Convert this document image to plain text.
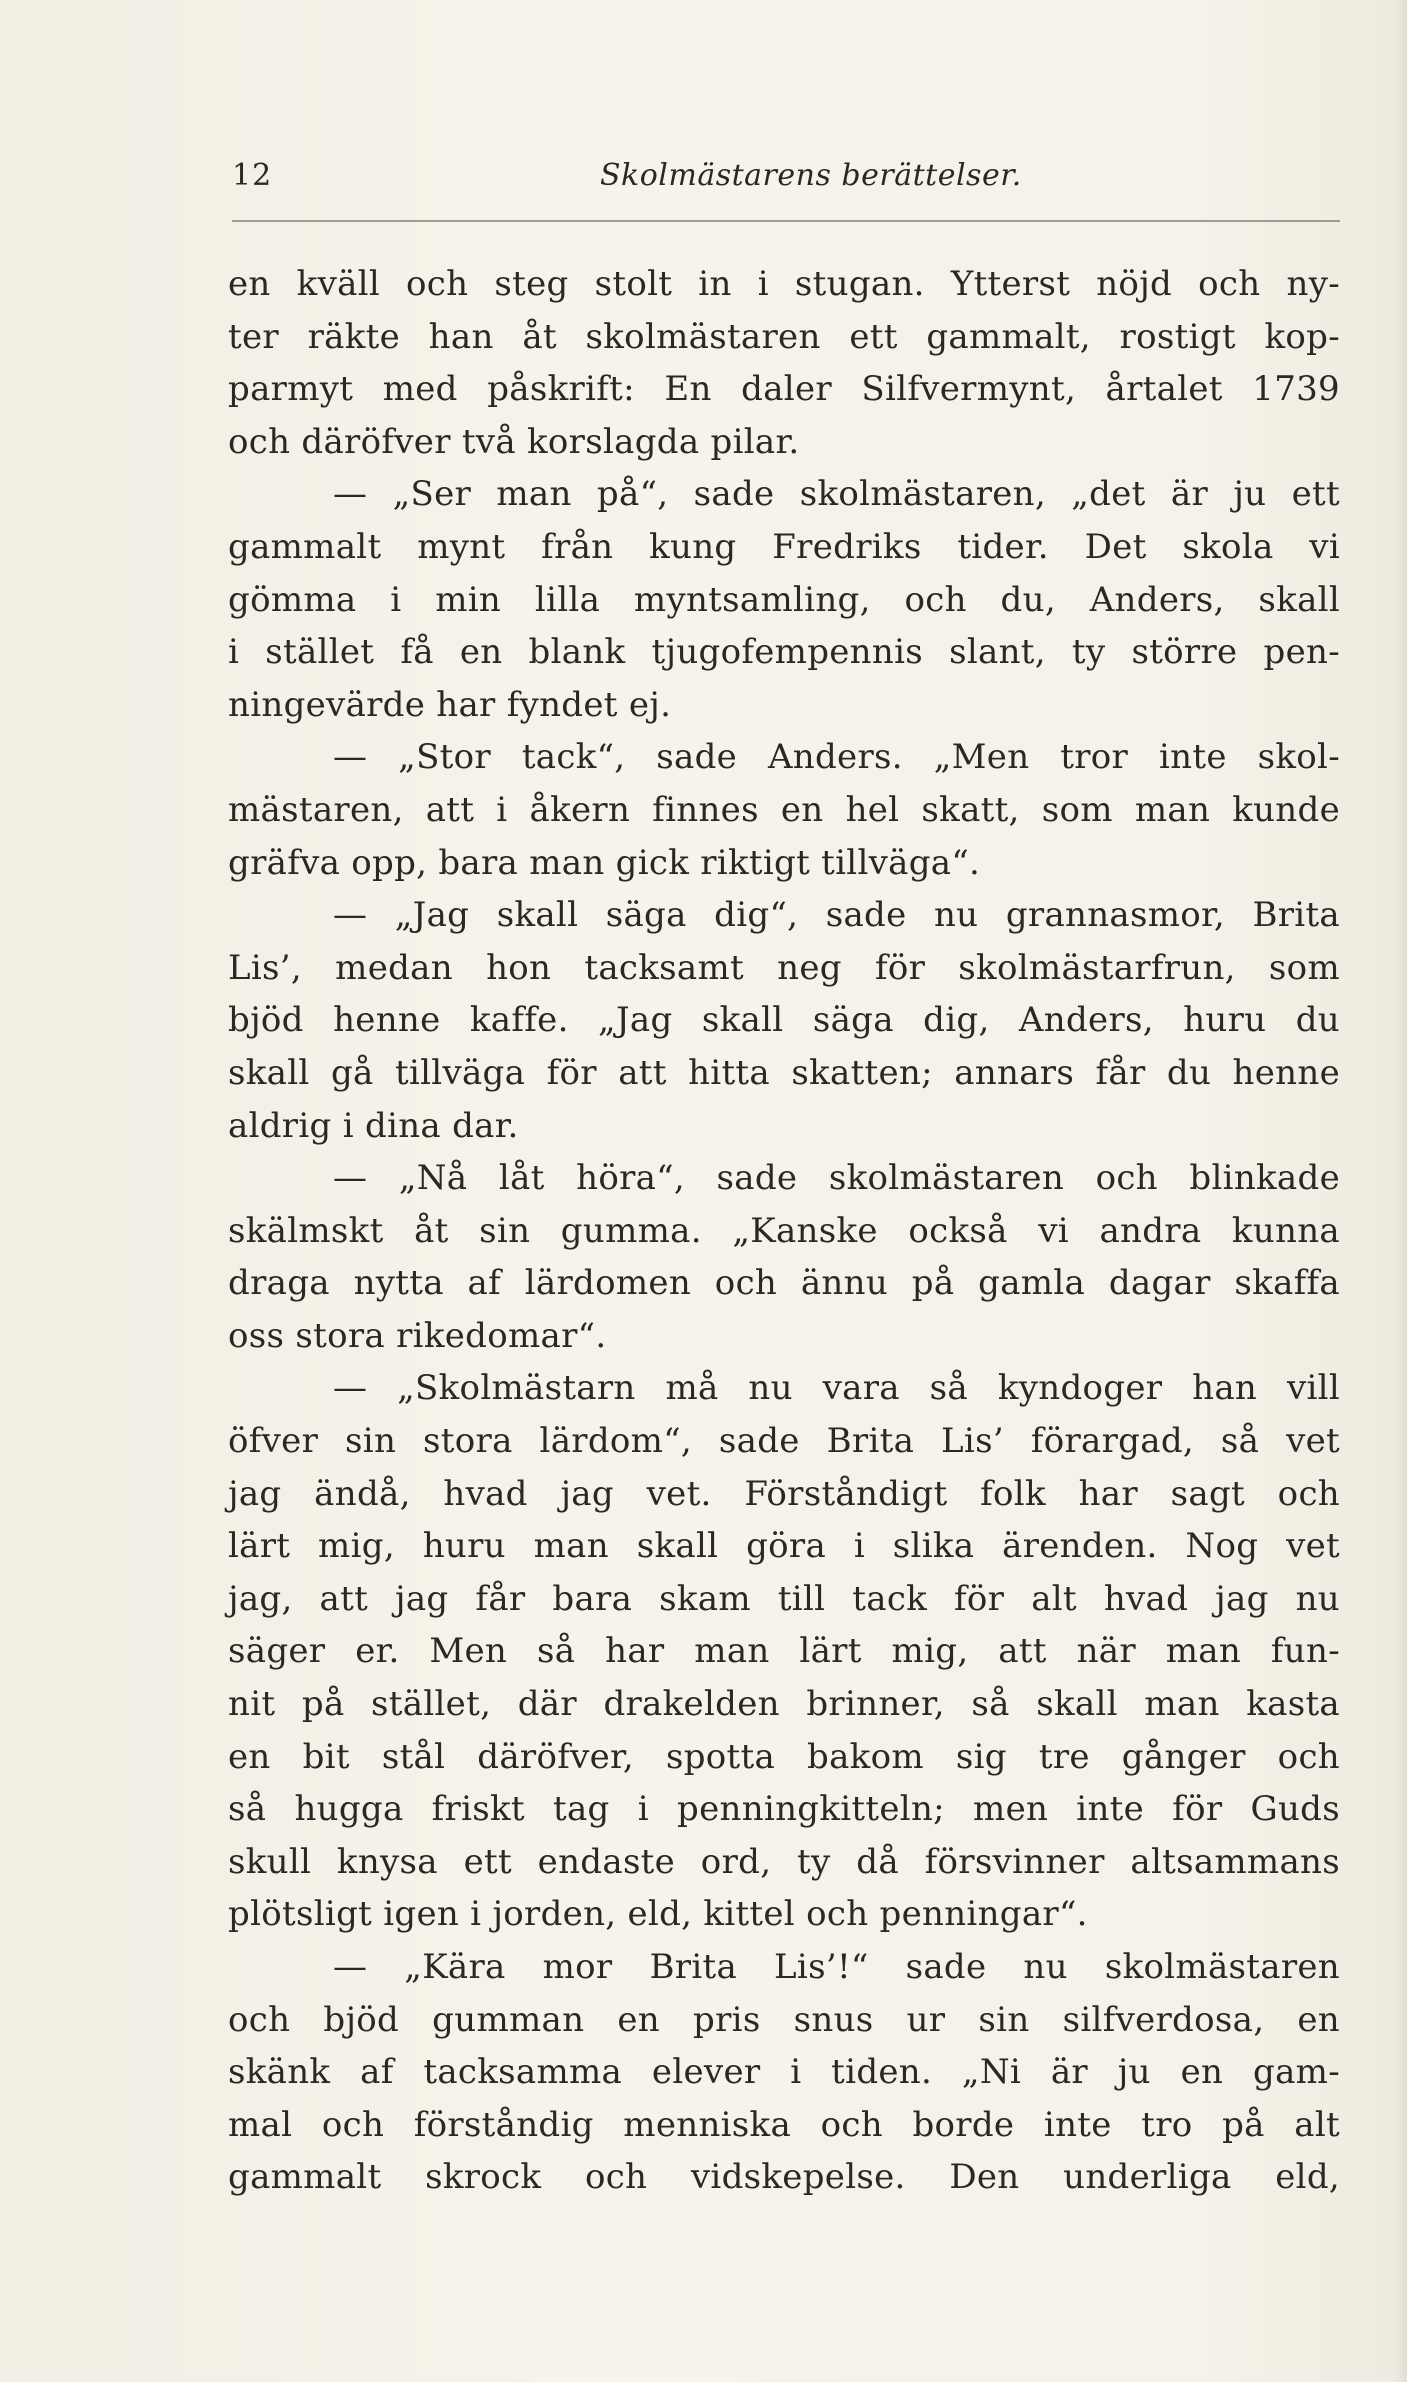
12	Skolmästarens berättelser.
en kväll och steg stolt in i stugan. Ytterst nöjd och ny-
ter räkte han åt skolmästaren ett gammalt, rostigt kop-
parmyt med påskrift: En daler Silfvermynt, årtalet 1739
och däröfver två korslagda pilar.
— „Ser man på“, sade skolmästaren, „det är ju ett
gammalt mynt från kung Fredriks tider. Det skola vi
gömma i min lilla myntsamling, och du, Anders, skall
i stället få en blank tjugofempennis slant, ty större pen-
ningevärde har fyndet ej.
— „Stor tack“, sade Anders. „Men tror inte skol-
mästaren, att i åkern finnes en hel skatt, som man kunde
gräfva opp, bara man gick riktigt tillväga“.
— „Jag skall säga dig“, sade nu grannasmor, Brita
Lis’, medan hon tacksamt neg för skolmästarfrun, som
bjöd henne kaffe. „Jag skall säga dig, Anders, huru du
skall gå tillväga för att hitta skatten; annars får du henne
aldrig i dina dar.
— „Nå låt höra“, sade skolmästaren och blinkade
skälmskt åt sin gumma. „Kanske också vi andra kunna
draga nytta af lärdomen och ännu på gamla dagar skaffa
oss stora rikedomar“.
— „Skolmästarn må nu vara så kyndoger han vill
öfver sin stora lärdom“, sade Brita Lis’ förargad, så vet
jag ändå, hvad jag vet. Förståndigt folk har sagt och
lärt mig, huru man skall göra i slika ärenden. Nog vet
jag, att jag får bara skam till tack för alt hvad jag nu
säger er. Men så har man lärt mig, att när man fun-
nit på stället, där drakelden brinner, så skall man kasta
en bit stål däröfver, spotta bakom sig tre gånger och
så hugga friskt tag i penningkitteln; men inte för Guds
skull knysa ett endaste ord, ty då försvinner altsammans
plötsligt igen i jorden, eld, kittel och penningar“.
— „Kära mor Brita Lis’!“ sade nu skolmästaren
och bjöd gumman en pris snus ur sin silfverdosa, en
skänk af tacksamma elever i tiden. „Ni är ju en gam-
mal och förståndig menniska och borde inte tro på alt
gammalt skrock och vidskepelse. Den underliga eld,
